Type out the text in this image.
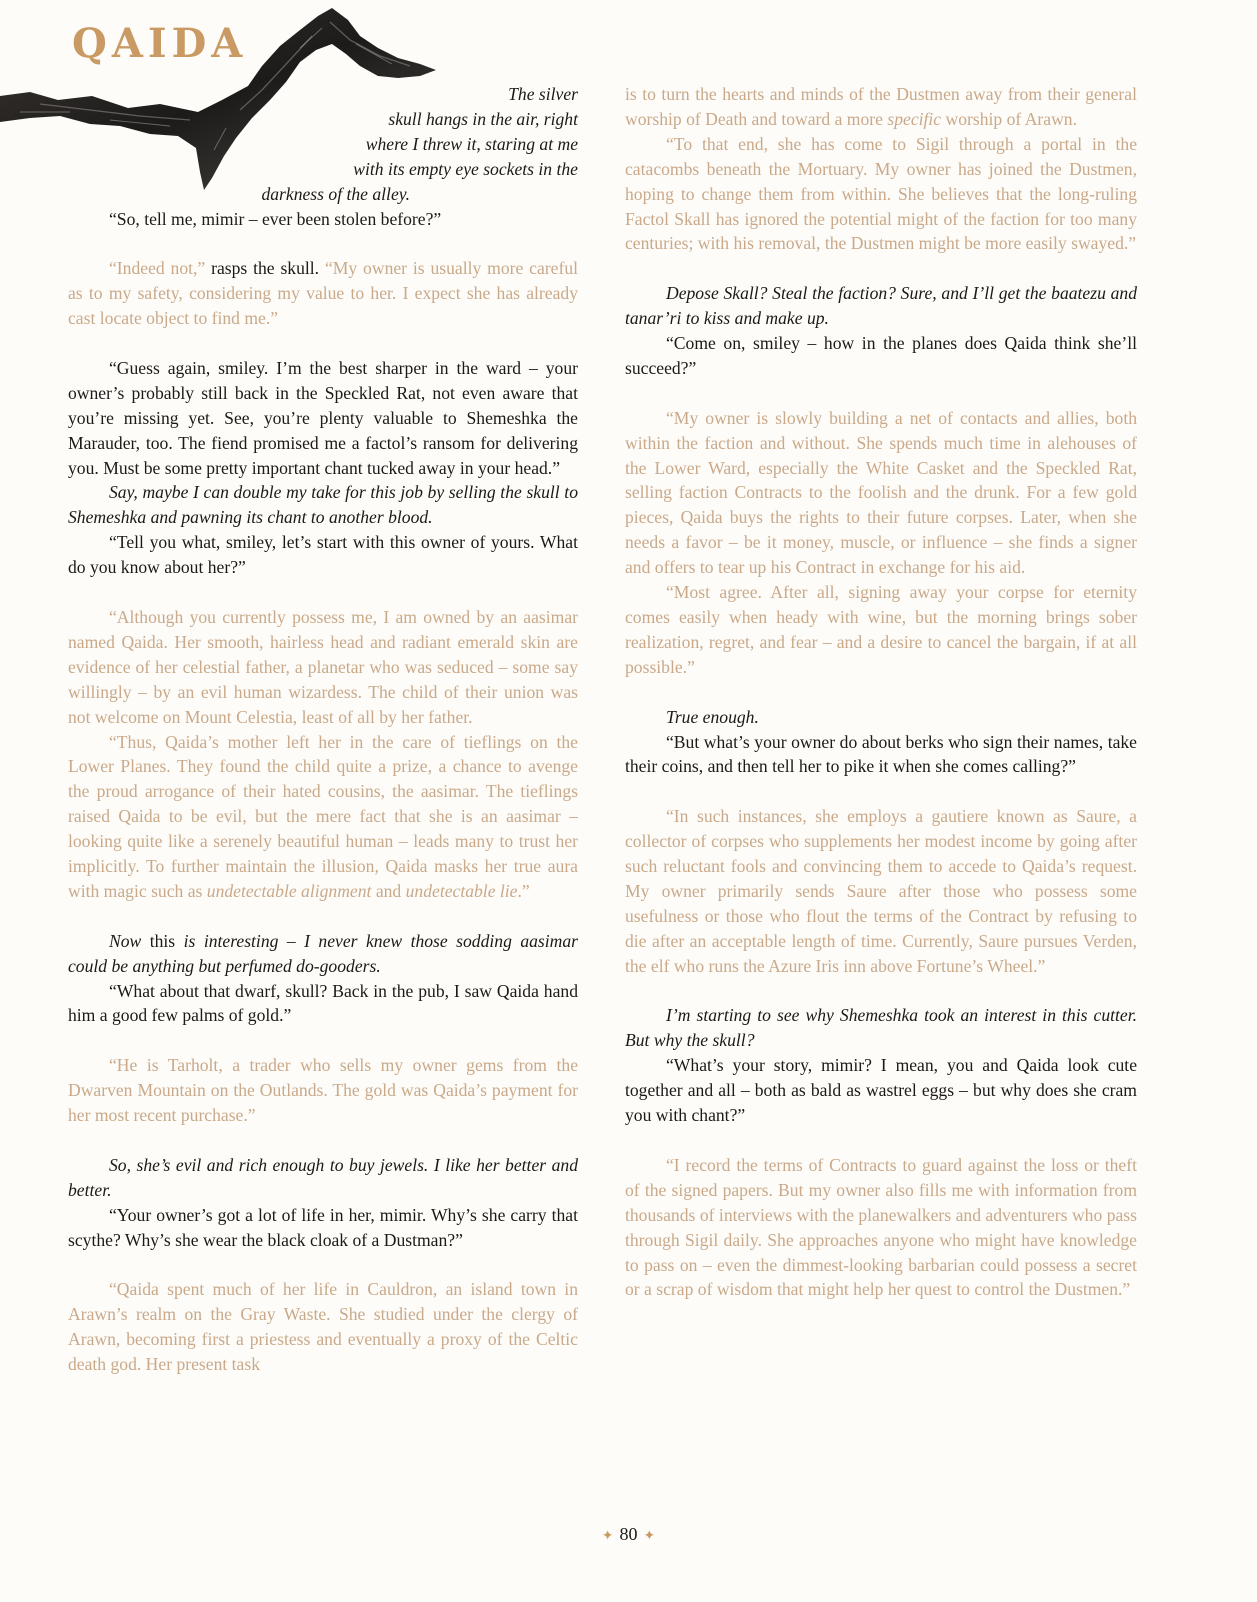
QAIDA

The silver
skull hangs in the air, right
where I threw it, staring at me
with its empty eye sockets in the
darkness of the alley.

“So, tell me, mimir – ever been stolen before?”

“Indeed not,” rasps the skull. “My owner is usually more careful as to my safety, considering my value to her. I expect she has already cast locate object to find me.”

“Guess again, smiley. I’m the best sharper in the ward – your owner’s probably still back in the Speckled Rat, not even aware that you’re missing yet. See, you’re plenty valuable to Shemeshka the Marauder, too. The fiend promised me a factol’s ransom for delivering you. Must be some pretty important chant tucked away in your head.”

Say, maybe I can double my take for this job by selling the skull to Shemeshka and pawning its chant to another blood.

“Tell you what, smiley, let’s start with this owner of yours. What do you know about her?”

“Although you currently possess me, I am owned by an aasimar named Qaida. Her smooth, hairless head and radiant emerald skin are evidence of her celestial father, a planetar who was seduced – some say willingly – by an evil human wizardess. The child of their union was not welcome on Mount Celestia, least of all by her father.

“Thus, Qaida’s mother left her in the care of tieflings on the Lower Planes. They found the child quite a prize, a chance to avenge the proud arrogance of their hated cousins, the aasimar. The tieflings raised Qaida to be evil, but the mere fact that she is an aasimar – looking quite like a serenely beautiful human – leads many to trust her implicitly. To further maintain the illusion, Qaida masks her true aura with magic such as undetectable alignment and undetectable lie.”

Now this is interesting – I never knew those sodding aasimar could be anything but perfumed do-gooders.

“What about that dwarf, skull? Back in the pub, I saw Qaida hand him a good few palms of gold.”

“He is Tarholt, a trader who sells my owner gems from the Dwarven Mountain on the Outlands. The gold was Qaida’s payment for her most recent purchase.”

So, she’s evil and rich enough to buy jewels. I like her better and better.

“Your owner’s got a lot of life in her, mimir. Why’s she carry that scythe? Why’s she wear the black cloak of a Dustman?”

“Qaida spent much of her life in Cauldron, an island town in Arawn’s realm on the Gray Waste. She studied under the clergy of Arawn, becoming first a priestess and eventually a proxy of the Celtic death god. Her present task

is to turn the hearts and minds of the Dustmen away from their general worship of Death and toward a more specific worship of Arawn.

“To that end, she has come to Sigil through a portal in the catacombs beneath the Mortuary. My owner has joined the Dustmen, hoping to change them from within. She believes that the long-ruling Factol Skall has ignored the potential might of the faction for too many centuries; with his removal, the Dustmen might be more easily swayed.”

Depose Skall? Steal the faction? Sure, and I’ll get the baatezu and tanar’ri to kiss and make up.

“Come on, smiley – how in the planes does Qaida think she’ll succeed?”

“My owner is slowly building a net of contacts and allies, both within the faction and without. She spends much time in alehouses of the Lower Ward, especially the White Casket and the Speckled Rat, selling faction Contracts to the foolish and the drunk. For a few gold pieces, Qaida buys the rights to their future corpses. Later, when she needs a favor – be it money, muscle, or influence – she finds a signer and offers to tear up his Contract in exchange for his aid.

“Most agree. After all, signing away your corpse for eternity comes easily when heady with wine, but the morning brings sober realization, regret, and fear – and a desire to cancel the bargain, if at all possible.”

True enough.

“But what’s your owner do about berks who sign their names, take their coins, and then tell her to pike it when she comes calling?”

“In such instances, she employs a gautiere known as Saure, a collector of corpses who supplements her modest income by going after such reluctant fools and convincing them to accede to Qaida’s request. My owner primarily sends Saure after those who possess some usefulness or those who flout the terms of the Contract by refusing to die after an acceptable length of time. Currently, Saure pursues Verden, the elf who runs the Azure Iris inn above Fortune’s Wheel.”

I’m starting to see why Shemeshka took an interest in this cutter. But why the skull?

“What’s your story, mimir? I mean, you and Qaida look cute together and all – both as bald as wastrel eggs – but why does she cram you with chant?”

“I record the terms of Contracts to guard against the loss or theft of the signed papers. But my owner also fills me with information from thousands of interviews with the planewalkers and adventurers who pass through Sigil daily. She approaches anyone who might have knowledge to pass on – even the dimmest-looking barbarian could possess a secret or a scrap of wisdom that might help her quest to control the Dustmen.”

✦ 80 ✦
